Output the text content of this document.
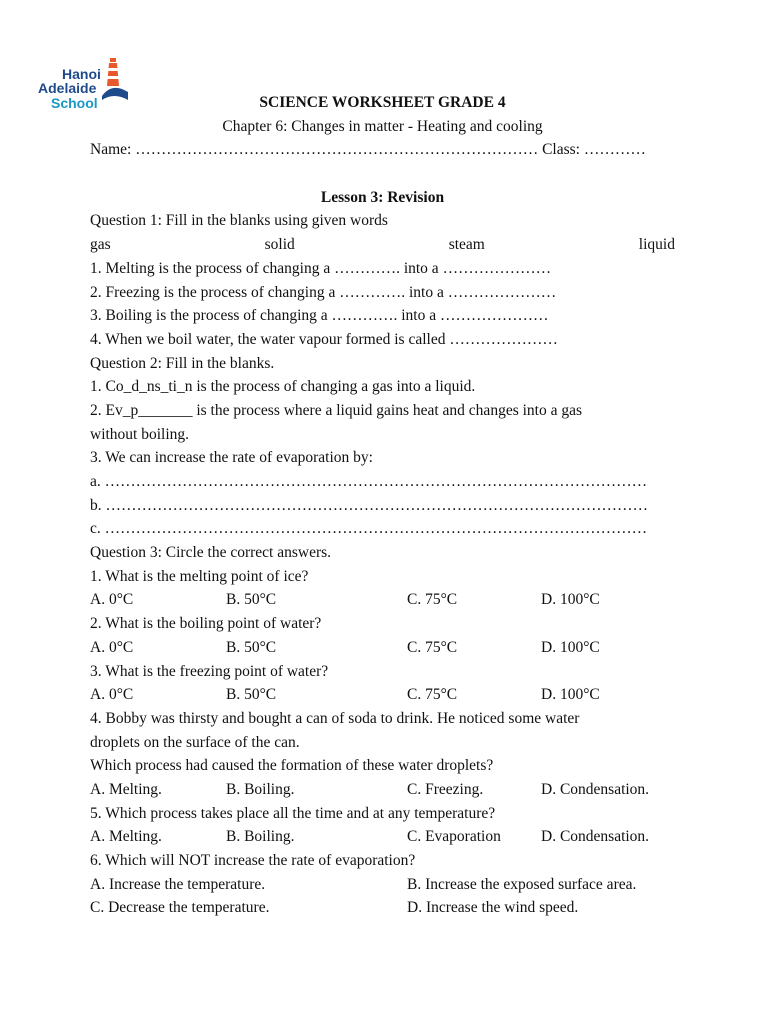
Hanoi
Adelaide
School	SCIENCE WORKSHEET GRADE 4
Chapter 6: Changes in matter - Heating and cooling
Name: …………………………………………………………………… Class: …………
Lesson 3: Revision
Question 1: Fill in the blanks using given words
gas	solid	steam	liquid
1. Melting is the process of changing a …………. into a …………………
2. Freezing is the process of changing a …………. into a …………………
3. Boiling is the process of changing a …………. into a …………………
4. When we boil water, the water vapour formed is called …………………
Question 2: Fill in the blanks.
1. Co_d_ns_ti_n is the process of changing a gas into a liquid.
2. Ev_p_______ is the process where a liquid gains heat and changes into a gas
without boiling.
3. We can increase the rate of evaporation by:
a. ……………………………………………………………………………………………
b. ……………………………………………………………………………………………
c. ……………………………………………………………………………………………
Question 3: Circle the correct answers.
1. What is the melting point of ice?
A. 0°C	B. 50°C	C. 75°C	D. 100°C
2. What is the boiling point of water?
A. 0°C	B. 50°C	C. 75°C	D. 100°C
3. What is the freezing point of water?
A. 0°C	B. 50°C	C. 75°C	D. 100°C
4. Bobby was thirsty and bought a can of soda to drink. He noticed some water
droplets on the surface of the can.
Which process had caused the formation of these water droplets?
A. Melting.	B. Boiling.	C. Freezing.	D. Condensation.
5. Which process takes place all the time and at any temperature?
A. Melting.	B. Boiling.	C. Evaporation	D. Condensation.
6. Which will NOT increase the rate of evaporation?
A. Increase the temperature.	B. Increase the exposed surface area.
C. Decrease the temperature.	D. Increase the wind speed.
